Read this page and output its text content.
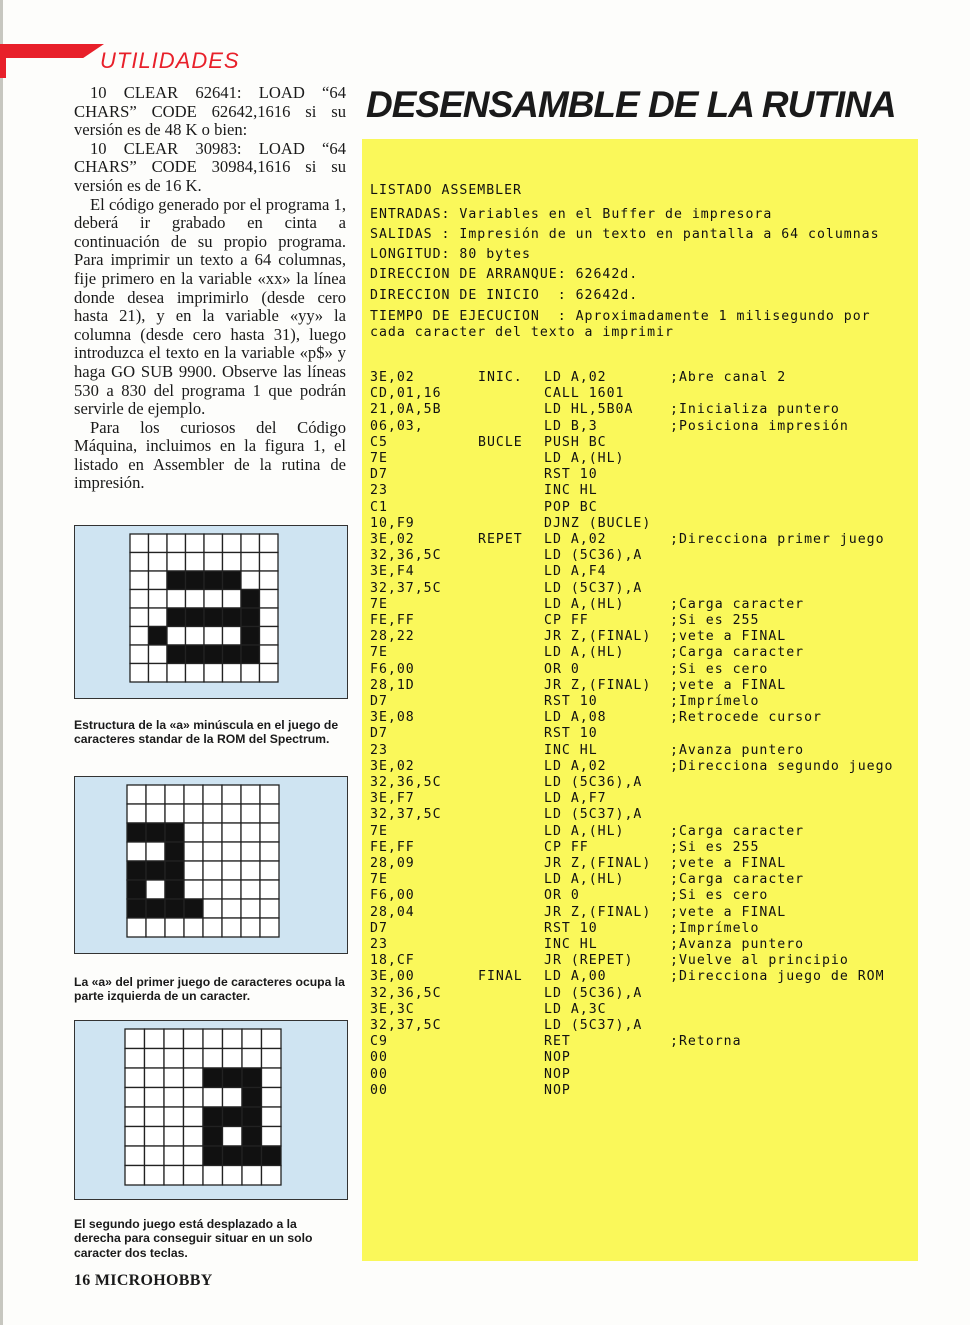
UTILIDADES

10 CLEAR 62641: LOAD “64 CHARS” CODE 62642,1616 si su versión es de 48 K o bien:

10 CLEAR 30983: LOAD “64 CHARS” CODE 30984,1616 si su versión es de 16 K.

El código generado por el programa 1, deberá ir grabado en cinta a continuación de su propio programa. Para imprimir un texto a 64 columnas, fije primero en la variable «xx» la línea donde desea imprimirlo (desde cero hasta 21), y en la variable «yy» la columna (desde cero hasta 31), luego introduzca el texto en la variable «p$» y haga GO SUB 9900. Observe las líneas 530 a 830 del programa 1 que podrán servirle de ejemplo.

Para los curiosos del Código Máquina, incluimos en la figura 1, el listado en Assembler de la rutina de impresión.

Estructura de la «a» minúscula en el juego de caracteres standar de la ROM del Spectrum.
La «a» del primer juego de caracteres ocupa la parte izquierda de un caracter.
El segundo juego está desplazado a la derecha para conseguir situar en un solo caracter dos teclas.
DESENSAMBLE DE LA RUTINA
LISTADO ASSEMBLER
ENTRADAS: Variables en el Buffer de impresora
SALIDAS : Impresión de un texto en pantalla a 64 columnas
LONGITUD: 80 bytes
DIRECCION DE ARRANQUE: 62642d.
DIRECCION DE INICIO  : 62642d.
TIEMPO DE EJECUCION  : Aproximadamente 1 milisegundo por
cada caracter del texto a imprimir
3E,02	INIC. LD A,02	;Abre canal 2
CD,01,16	CALL 1601
21,0A,5B	LD HL,5B0A	;Inicializa puntero
06,03,	LD B,3	;Posiciona impresión
C5	BUCLE PUSH BC
7E	LD A,(HL)
D7	RST 10
23	INC HL
C1	POP BC
10,F9	DJNZ (BUCLE)
3E,02	REPET LD A,02	;Direcciona primer juego
32,36,5C	LD (5C36),A
3E,F4	LD A,F4
32,37,5C	LD (5C37),A
7E	LD A,(HL)	;Carga caracter
FE,FF	CP FF	;Si es 255
28,22	JR Z,(FINAL) ;vete a FINAL
7E	LD A,(HL)	;Carga caracter
F6,00	OR 0	;Si es cero
28,1D	JR Z,(FINAL) ;vete a FINAL
D7	RST 10	;Imprímelo
3E,08	LD A,08	;Retrocede cursor
D7	RST 10
23	INC HL	;Avanza puntero
3E,02	LD A,02	;Direcciona segundo juego
32,36,5C	LD (5C36),A
3E,F7	LD A,F7
32,37,5C	LD (5C37),A
7E	LD A,(HL)	;Carga caracter
FE,FF	CP FF	;Si es 255
28,09	JR Z,(FINAL) ;vete a FINAL
7E	LD A,(HL)	;Carga caracter
F6,00	OR 0	;Si es cero
28,04	JR Z,(FINAL) ;vete a FINAL
D7	RST 10	;Imprímelo
23	INC HL	;Avanza puntero
18,CF	JR (REPET)	;Vuelve al principio
3E,00	FINAL LD A,00	;Direcciona juego de ROM
32,36,5C	LD (5C36),A
3E,3C	LD A,3C
32,37,5C	LD (5C37),A
C9	RET	;Retorna
00	NOP
00	NOP
00	NOP
16 MICROHOBBY
